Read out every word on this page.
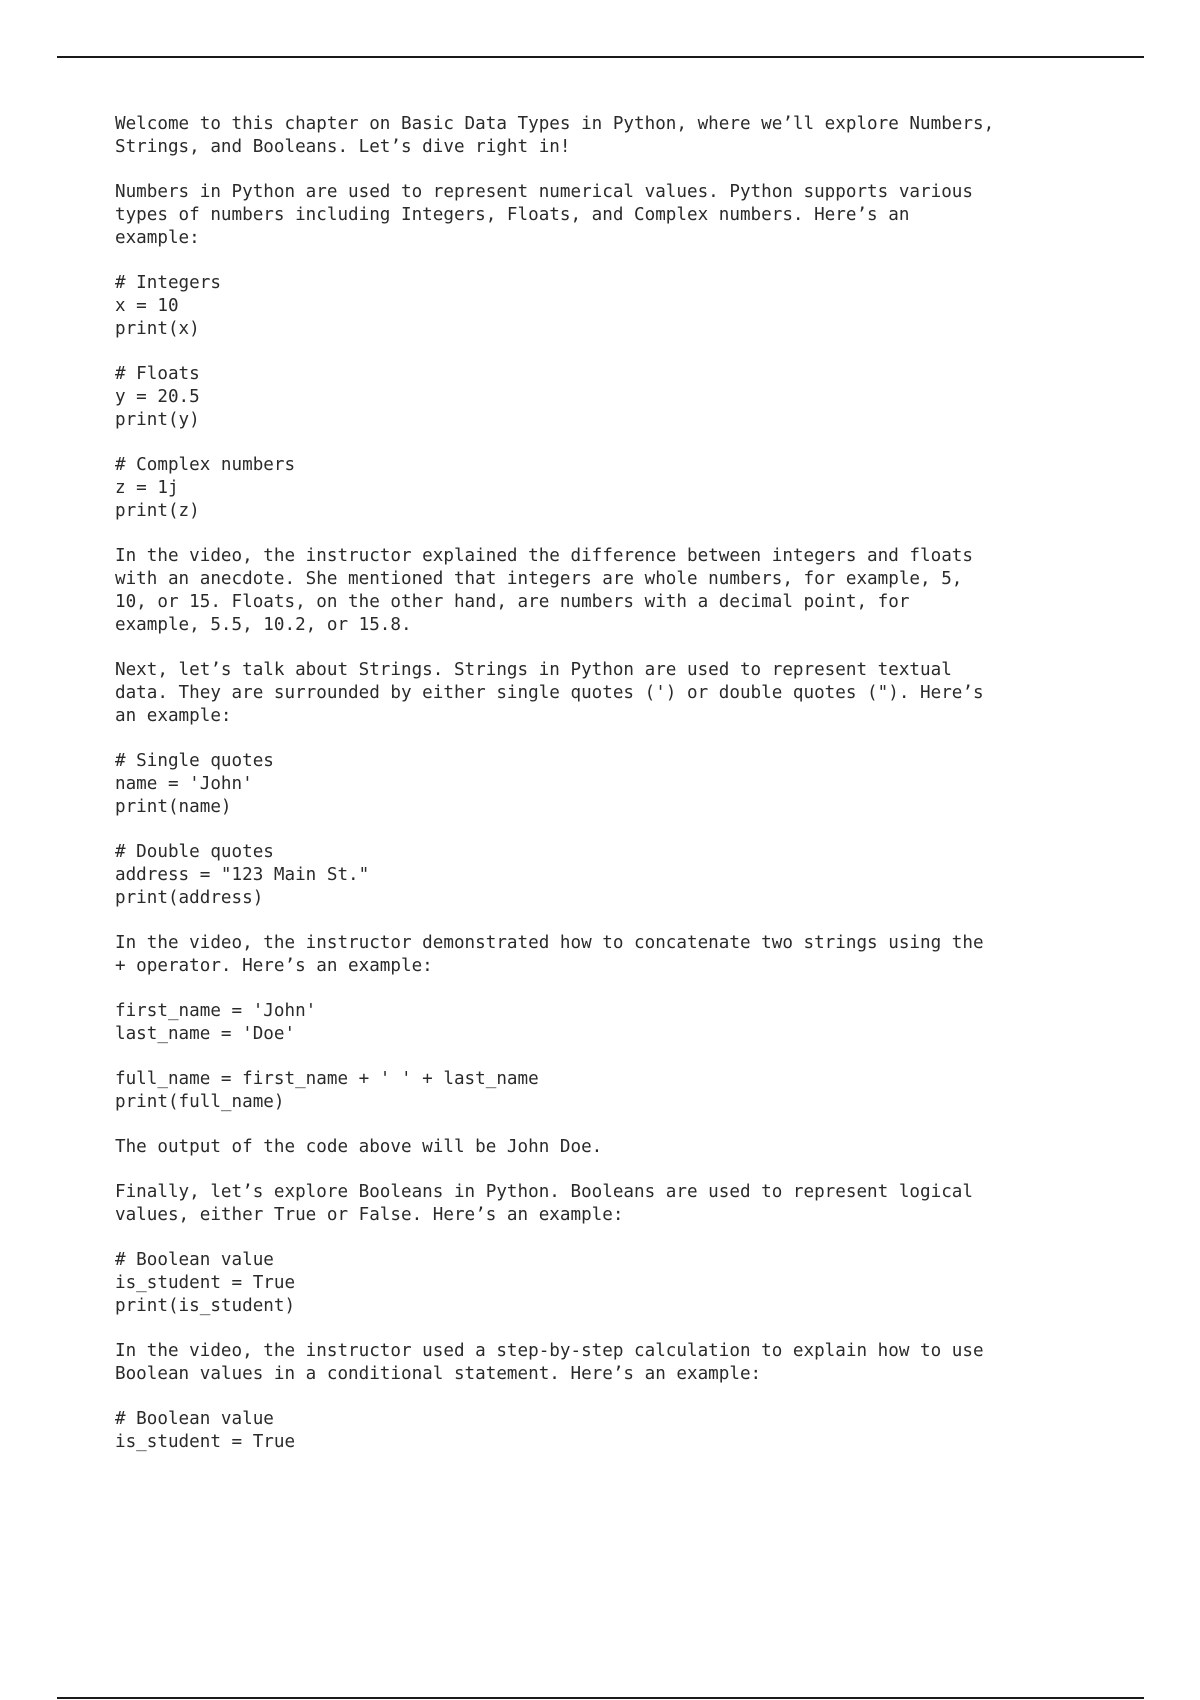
Welcome to this chapter on Basic Data Types in Python, where we’ll explore Numbers,
Strings, and Booleans. Let’s dive right in!
Numbers in Python are used to represent numerical values. Python supports various
types of numbers including Integers, Floats, and Complex numbers. Here’s an
example:
# Integers
x = 10
print(x)
# Floats
y = 20.5
print(y)
# Complex numbers
z = 1j
print(z)
In the video, the instructor explained the difference between integers and floats
with an anecdote. She mentioned that integers are whole numbers, for example, 5,
10, or 15. Floats, on the other hand, are numbers with a decimal point, for
example, 5.5, 10.2, or 15.8.
Next, let’s talk about Strings. Strings in Python are used to represent textual
data. They are surrounded by either single quotes (') or double quotes ("). Here’s
an example:
# Single quotes
name = 'John'
print(name)
# Double quotes
address = "123 Main St."
print(address)
In the video, the instructor demonstrated how to concatenate two strings using the
+ operator. Here’s an example:
first_name = 'John'
last_name = 'Doe'
full_name = first_name + ' ' + last_name
print(full_name)
The output of the code above will be John Doe.
Finally, let’s explore Booleans in Python. Booleans are used to represent logical
values, either True or False. Here’s an example:
# Boolean value
is_student = True
print(is_student)
In the video, the instructor used a step-by-step calculation to explain how to use
Boolean values in a conditional statement. Here’s an example:
# Boolean value
is_student = True
